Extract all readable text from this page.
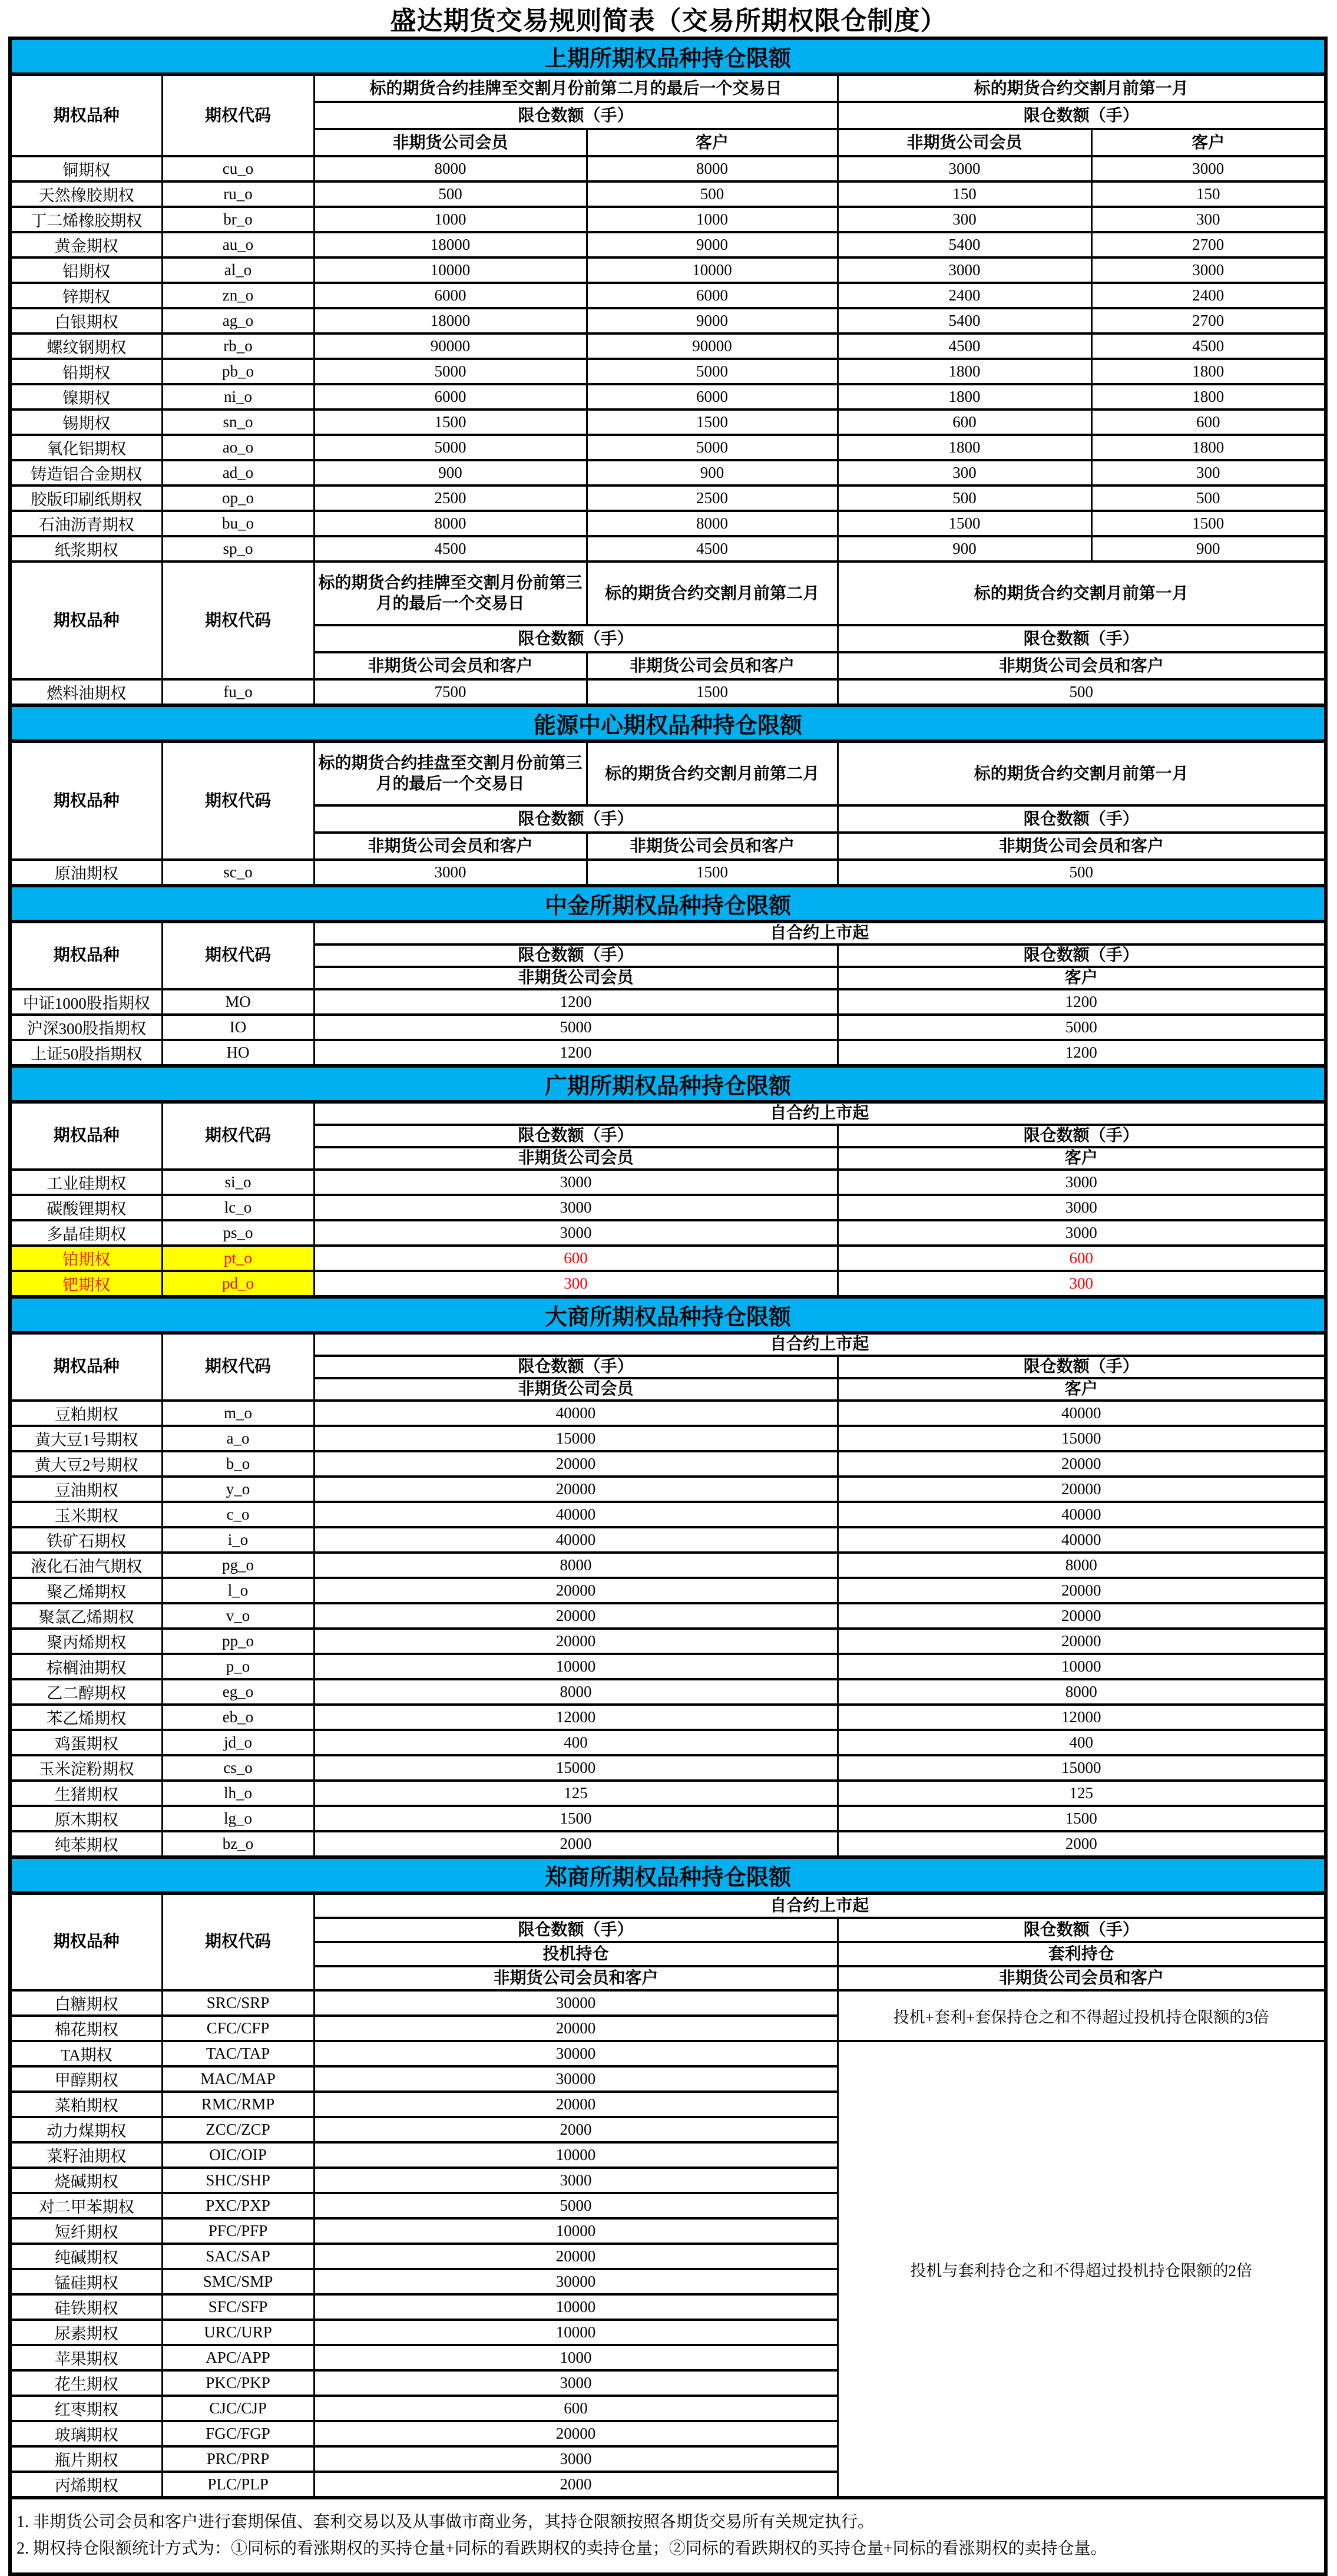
盛达期货交易规则简表（交易所期权限仓制度）
上期所期权品种持仓限额					
期权品种	期权代码	标的期货合约挂牌至交割月份前第二月的最后一个交易日		标的期货合约交割月前第一月	
		限仓数额（手）		限仓数额（手）	
		非期货公司会员	客户	非期货公司会员	客户
铜期权	cu_o	8000	8000	3000	3000
天然橡胶期权	ru_o	500	500	150	150
丁二烯橡胶期权	br_o	1000	1000	300	300
黄金期权	au_o	18000	9000	5400	2700
铝期权	al_o	10000	10000	3000	3000
锌期权	zn_o	6000	6000	2400	2400
白银期权	ag_o	18000	9000	5400	2700
螺纹钢期权	rb_o	90000	90000	4500	4500
铅期权	pb_o	5000	5000	1800	1800
镍期权	ni_o	6000	6000	1800	1800
锡期权	sn_o	1500	1500	600	600
氧化铝期权	ao_o	5000	5000	1800	1800
铸造铝合金期权	ad_o	900	900	300	300
胶版印刷纸期权	op_o	2500	2500	500	500
石油沥青期权	bu_o	8000	8000	1500	1500
纸浆期权	sp_o	4500	4500	900	900
期权品种	期权代码	标的期货合约挂牌至交割月份前第三月的最后一个交易日	标的期货合约交割月前第二月	标的期货合约交割月前第一月	
		限仓数额（手）		限仓数额（手）	
		非期货公司会员和客户	非期货公司会员和客户	非期货公司会员和客户	
燃料油期权	fu_o	7500	1500	500	
能源中心期权品种持仓限额					
期权品种	期权代码	标的期货合约挂盘至交割月份前第三月的最后一个交易日	标的期货合约交割月前第二月	标的期货合约交割月前第一月	
		限仓数额（手）		限仓数额（手）	
		非期货公司会员和客户	非期货公司会员和客户	非期货公司会员和客户	
原油期权	sc_o	3000	1500	500	
中金所期权品种持仓限额					
期权品种	期权代码	自合约上市起			
		限仓数额（手）		限仓数额（手）	
		非期货公司会员		客户	
中证1000股指期权	MO	1200		1200	
沪深300股指期权	IO	5000		5000	
上证50股指期权	HO	1200		1200	
广期所期权品种持仓限额					
期权品种	期权代码	自合约上市起			
		限仓数额（手）		限仓数额（手）	
		非期货公司会员		客户	
工业硅期权	si_o	3000		3000	
碳酸锂期权	lc_o	3000		3000	
多晶硅期权	ps_o	3000		3000	
铂期权	pt_o	600		600	
钯期权	pd_o	300		300	
大商所期权品种持仓限额					
期权品种	期权代码	自合约上市起			
		限仓数额（手）		限仓数额（手）	
		非期货公司会员		客户	
豆粕期权	m_o	40000		40000	
黄大豆1号期权	a_o	15000		15000	
黄大豆2号期权	b_o	20000		20000	
豆油期权	y_o	20000		20000	
玉米期权	c_o	40000		40000	
铁矿石期权	i_o	40000		40000	
液化石油气期权	pg_o	8000		8000	
聚乙烯期权	l_o	20000		20000	
聚氯乙烯期权	v_o	20000		20000	
聚丙烯期权	pp_o	20000		20000	
棕榈油期权	p_o	10000		10000	
乙二醇期权	eg_o	8000		8000	
苯乙烯期权	eb_o	12000		12000	
鸡蛋期权	jd_o	400		400	
玉米淀粉期权	cs_o	15000		15000	
生猪期权	lh_o	125		125	
原木期权	lg_o	1500		1500	
纯苯期权	bz_o	2000		2000	
郑商所期权品种持仓限额					
期权品种	期权代码	自合约上市起			
		限仓数额（手）		限仓数额（手）	
		投机持仓		套利持仓	
		非期货公司会员和客户		非期货公司会员和客户	
白糖期权	SRC/SRP	30000		投机+套利+套保持仓之和不得超过投机持仓限额的3倍	
棉花期权	CFC/CFP	20000			
TA期权	TAC/TAP	30000		投机与套利持仓之和不得超过投机持仓限额的2倍	
甲醇期权	MAC/MAP	30000			
菜粕期权	RMC/RMP	20000			
动力煤期权	ZCC/ZCP	2000			
菜籽油期权	OIC/OIP	10000			
烧碱期权	SHC/SHP	3000			
对二甲苯期权	PXC/PXP	5000			
短纤期权	PFC/PFP	10000			
纯碱期权	SAC/SAP	20000			
锰硅期权	SMC/SMP	30000			
硅铁期权	SFC/SFP	10000			
尿素期权	URC/URP	10000			
苹果期权	APC/APP	1000			
花生期权	PKC/PKP	3000			
红枣期权	CJC/CJP	600			
玻璃期权	FGC/FGP	20000			
瓶片期权	PRC/PRP	3000			
丙烯期权	PLC/PLP	2000			

1. 非期货公司会员和客户进行套期保值、套利交易以及从事做市商业务，其持仓限额按照各期货交易所有关规定执行。
2. 期权持仓限额统计方式为：①同标的看涨期权的买持仓量+同标的看跌期权的卖持仓量；②同标的看跌期权的买持仓量+同标的看涨期权的卖持仓量。					
